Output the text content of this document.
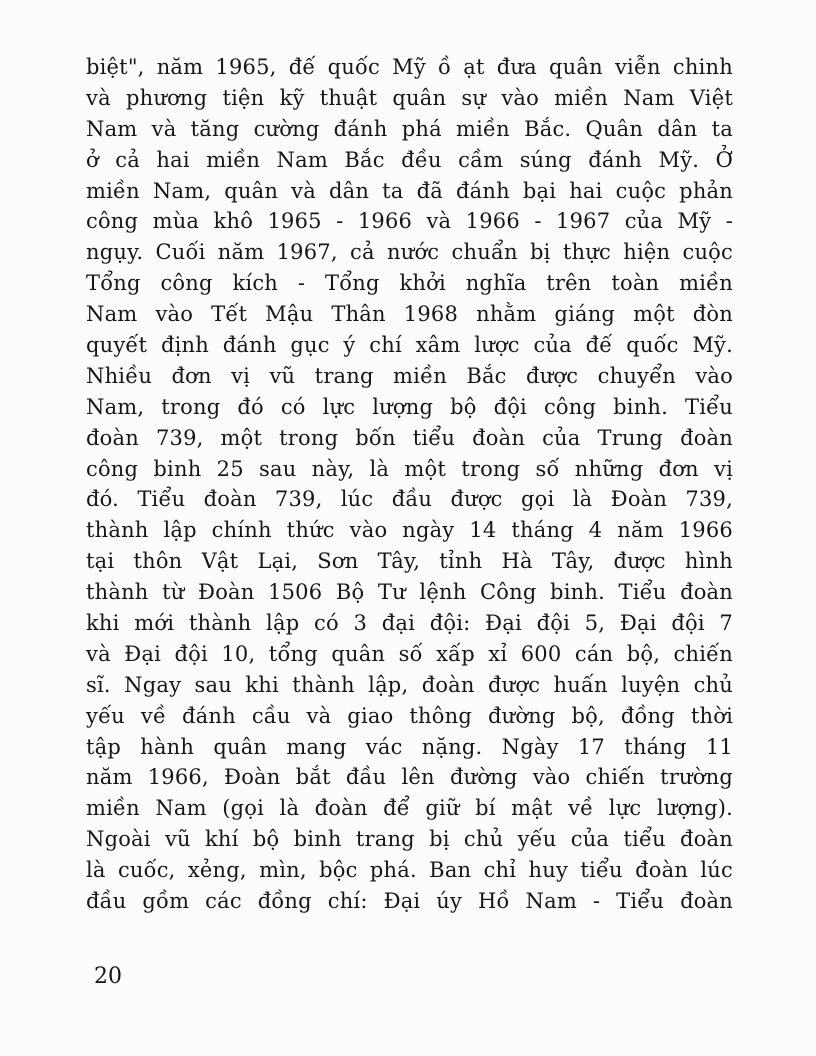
biệt", năm 1965, đế quốc Mỹ ồ ạt đưa quân viễn chinh
và phương tiện kỹ thuật quân sự vào miền Nam Việt
Nam và tăng cường đánh phá miền Bắc. Quân dân ta
ở cả hai miền Nam Bắc đều cầm súng đánh Mỹ. Ở
miền Nam, quân và dân ta đã đánh bại hai cuộc phản
công mùa khô 1965 - 1966 và 1966 - 1967 của Mỹ -
ngụy. Cuối năm 1967, cả nước chuẩn bị thực hiện cuộc
Tổng công kích - Tổng khởi nghĩa trên toàn miền
Nam vào Tết Mậu Thân 1968 nhằm giáng một đòn
quyết định đánh gục ý chí xâm lược của đế quốc Mỹ.
Nhiều đơn vị vũ trang miền Bắc được chuyển vào
Nam, trong đó có lực lượng bộ đội công binh. Tiểu
đoàn 739, một trong bốn tiểu đoàn của Trung đoàn
công binh 25 sau này, là một trong số những đơn vị
đó. Tiểu đoàn 739, lúc đầu được gọi là Đoàn 739,
thành lập chính thức vào ngày 14 tháng 4 năm 1966
tại thôn Vật Lại, Sơn Tây, tỉnh Hà Tây, được hình
thành từ Đoàn 1506 Bộ Tư lệnh Công binh. Tiểu đoàn
khi mới thành lập có 3 đại đội: Đại đội 5, Đại đội 7
và Đại đội 10, tổng quân số xấp xỉ 600 cán bộ, chiến
sĩ. Ngay sau khi thành lập, đoàn được huấn luyện chủ
yếu về đánh cầu và giao thông đường bộ, đồng thời
tập hành quân mang vác nặng. Ngày 17 tháng 11
năm 1966, Đoàn bắt đầu lên đường vào chiến trường
miền Nam (gọi là đoàn để giữ bí mật về lực lượng).
Ngoài vũ khí bộ binh trang bị chủ yếu của tiểu đoàn
là cuốc, xẻng, mìn, bộc phá. Ban chỉ huy tiểu đoàn lúc
đầu gồm các đồng chí: Đại úy Hồ Nam - Tiểu đoàn
20
